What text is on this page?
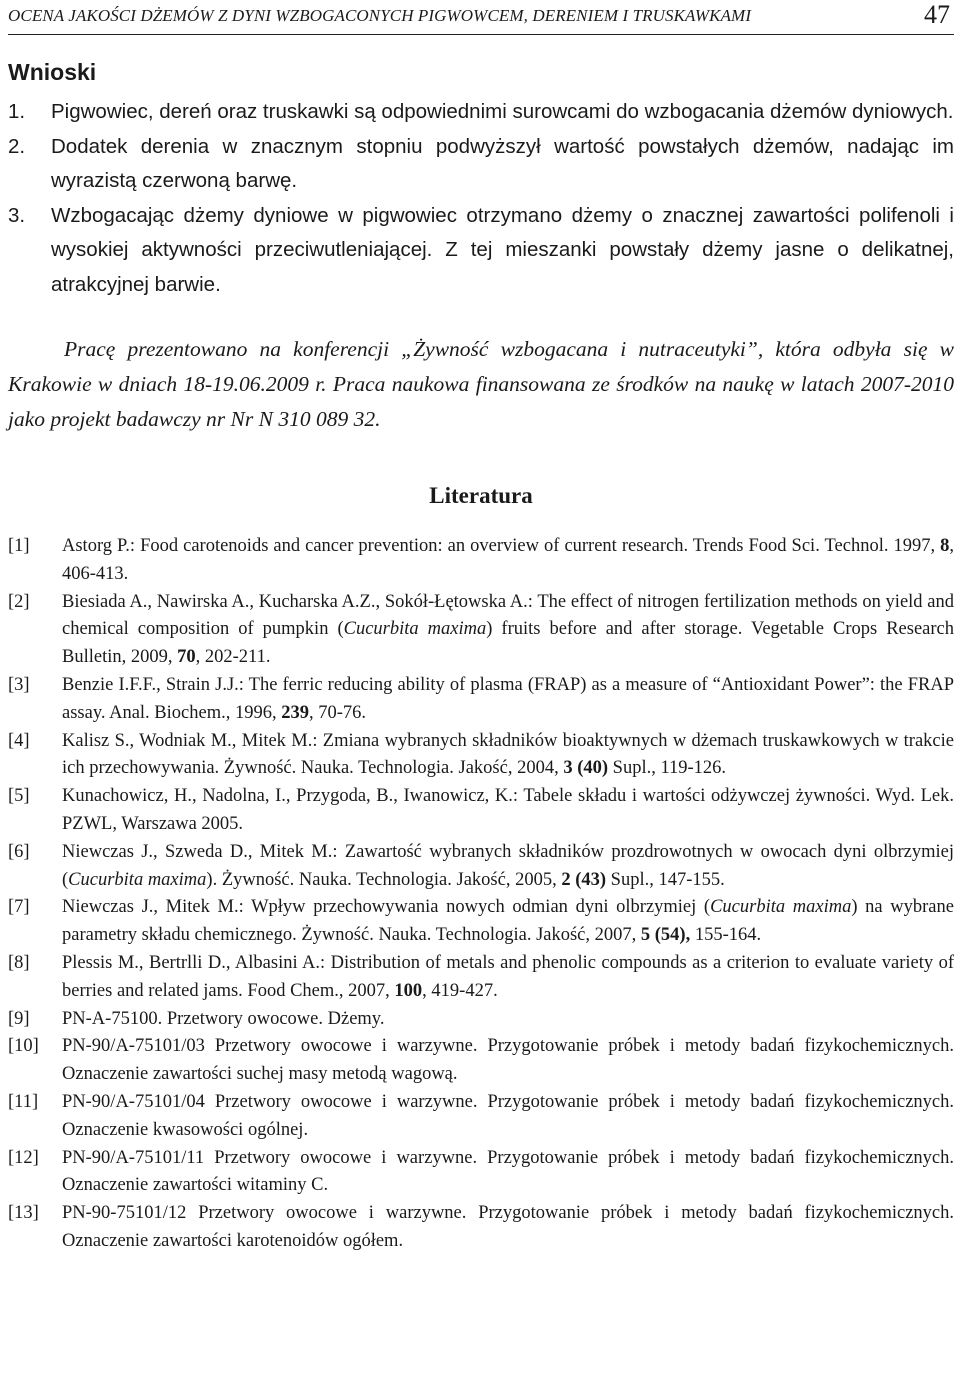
OCENA JAKOŚCI DŻEMÓW Z DYNI WZBOGACONYCH PIGWOWCEM, DERENIEM I TRUSKAWKAMI	47
Wnioski
1. Pigwowiec, dereń oraz truskawki są odpowiednimi surowcami do wzbogacania dżemów dyniowych.
2. Dodatek derenia w znacznym stopniu podwyższył wartość powstałych dżemów, nadając im wyrazistą czerwoną barwę.
3. Wzbogacając dżemy dyniowe w pigwowiec otrzymano dżemy o znacznej zawartości polifenoli i wysokiej aktywności przeciwutleniającej. Z tej mieszanki powstały dżemy jasne o delikatnej, atrakcyjnej barwie.

Pracę prezentowano na konferencji „Żywność wzbogacana i nutraceutyki”, która odbyła się w Krakowie w dniach 18-19.06.2009 r. Praca naukowa finansowana ze środków na naukę w latach 2007-2010 jako projekt badawczy nr Nr N 310 089 32.

Literatura

[1] Astorg P.: Food carotenoids and cancer prevention: an overview of current research. Trends Food Sci. Technol. 1997, 8, 406-413.

[2] Biesiada A., Nawirska A., Kucharska A.Z., Sokół-Łętowska A.: The effect of nitrogen fertilization methods on yield and chemical composition of pumpkin (Cucurbita maxima) fruits before and after storage. Vegetable Crops Research Bulletin, 2009, 70, 202-211.

[3] Benzie I.F.F., Strain J.J.: The ferric reducing ability of plasma (FRAP) as a measure of “Antioxidant Power”: the FRAP assay. Anal. Biochem., 1996, 239, 70-76.

[4] Kalisz S., Wodniak M., Mitek M.: Zmiana wybranych składników bioaktywnych w dżemach truskawkowych w trakcie ich przechowywania. Żywność. Nauka. Technologia. Jakość, 2004, 3 (40) Supl., 119-126.

[5] Kunachowicz, H., Nadolna, I., Przygoda, B., Iwanowicz, K.: Tabele składu i wartości odżywczej żywności. Wyd. Lek. PZWL, Warszawa 2005.

[6] Niewczas J., Szweda D., Mitek M.: Zawartość wybranych składników prozdrowotnych w owocach dyni olbrzymiej (Cucurbita maxima). Żywność. Nauka. Technologia. Jakość, 2005, 2 (43) Supl., 147-155.

[7] Niewczas J., Mitek M.: Wpływ przechowywania nowych odmian dyni olbrzymiej (Cucurbita maxima) na wybrane parametry składu chemicznego. Żywność. Nauka. Technologia. Jakość, 2007, 5 (54), 155-164.

[8] Plessis M., Bertrlli D., Albasini A.: Distribution of metals and phenolic compounds as a criterion to evaluate variety of berries and related jams. Food Chem., 2007, 100, 419-427.

[9] PN-A-75100. Przetwory owocowe. Dżemy.

[10] PN-90/A-75101/03 Przetwory owocowe i warzywne. Przygotowanie próbek i metody badań fizykochemicznych. Oznaczenie zawartości suchej masy metodą wagową.

[11] PN-90/A-75101/04 Przetwory owocowe i warzywne. Przygotowanie próbek i metody badań fizykochemicznych. Oznaczenie kwasowości ogólnej.

[12] PN-90/A-75101/11 Przetwory owocowe i warzywne. Przygotowanie próbek i metody badań fizykochemicznych. Oznaczenie zawartości witaminy C.

[13] PN-90-75101/12 Przetwory owocowe i warzywne. Przygotowanie próbek i metody badań fizykochemicznych. Oznaczenie zawartości karotenoidów ogółem.
